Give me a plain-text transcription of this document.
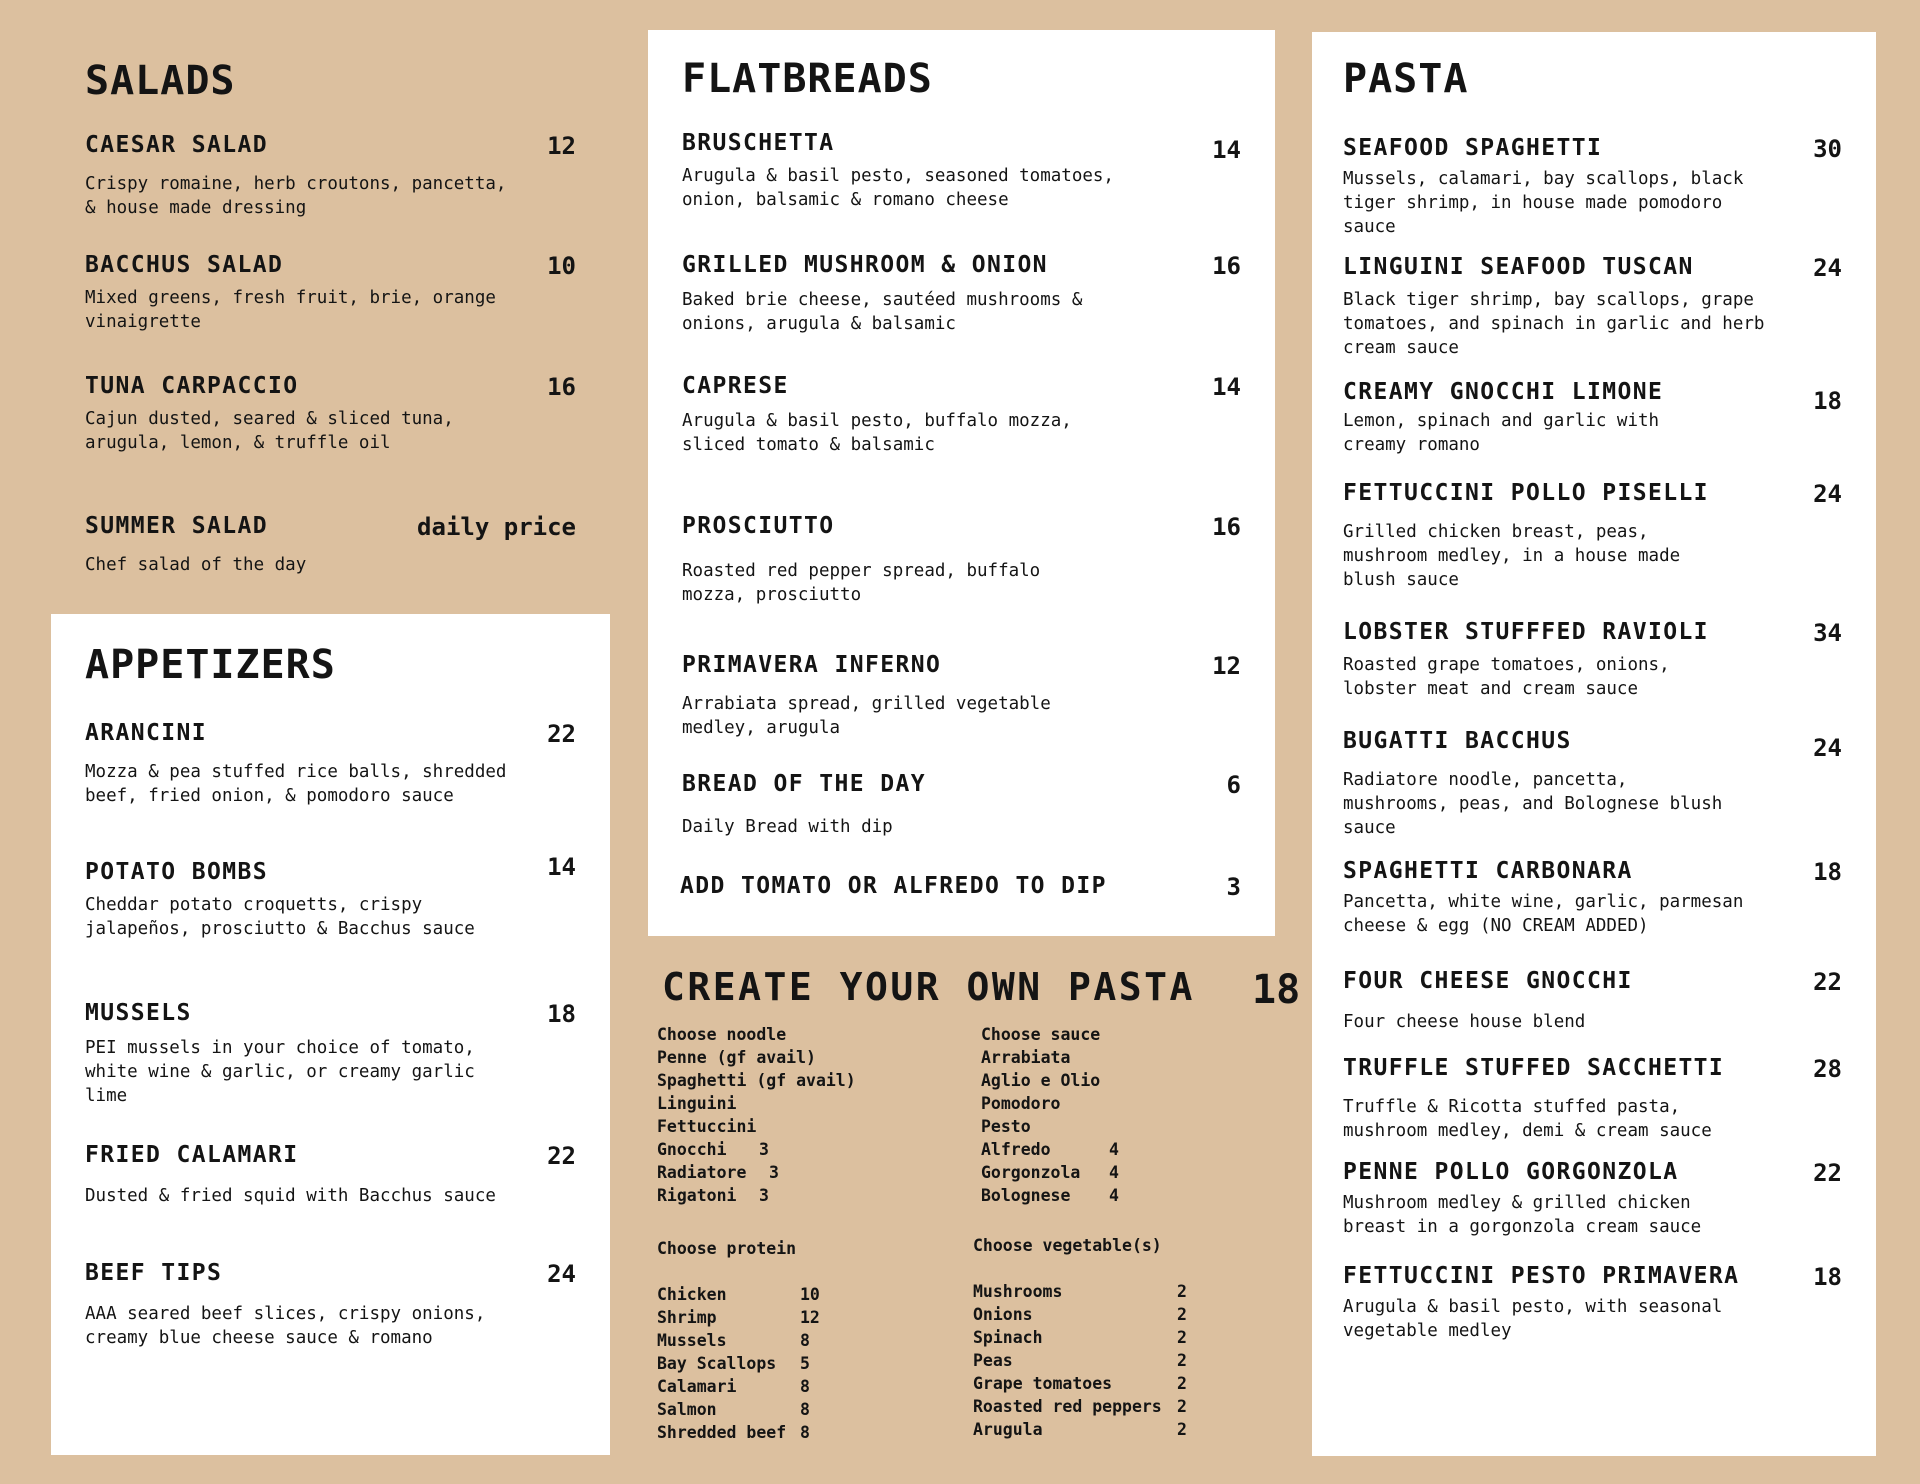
SALADS
CAESAR SALAD	12
Crispy romaine, herb croutons, pancetta, & house made dressing
BACCHUS SALAD	10
Mixed greens, fresh fruit, brie, orange vinaigrette
TUNA CARPACCIO	16
Cajun dusted, seared & sliced tuna, arugula, lemon, & truffle oil
SUMMER SALAD	daily price
Chef salad of the day
APPETIZERS
ARANCINI	22
Mozza & pea stuffed rice balls, shredded beef, fried onion, & pomodoro sauce
POTATO BOMBS	14
Cheddar potato croquetts, crispy jalapeños, prosciutto & Bacchus sauce
MUSSELS	18
PEI mussels in your choice of tomato, white wine & garlic, or creamy garlic lime
FRIED CALAMARI	22
Dusted & fried squid with Bacchus sauce
BEEF TIPS	24
AAA seared beef slices, crispy onions, creamy blue cheese sauce & romano
FLATBREADS
BRUSCHETTA	14
Arugula & basil pesto, seasoned tomatoes, onion, balsamic & romano cheese
GRILLED MUSHROOM & ONION	16
Baked brie cheese, sautéed mushrooms & onions, arugula & balsamic
CAPRESE	14
Arugula & basil pesto, buffalo mozza, sliced tomato & balsamic
PROSCIUTTO	16
Roasted red pepper spread, buffalo mozza, prosciutto
PRIMAVERA INFERNO	12
Arrabiata spread, grilled vegetable medley, arugula
BREAD OF THE DAY	6
Daily Bread with dip
ADD TOMATO OR ALFREDO TO DIP	3
CREATE YOUR OWN PASTA 18
Choose noodle
Penne (gf avail)
Spaghetti (gf avail)
Linguini
Fettuccini
Gnocchi 3
Radiatore 3
Rigatoni 3
Choose sauce
Arrabiata
Aglio e Olio
Pomodoro
Pesto
Alfredo	4
Gorgonzola 4
Bolognese 4
Choose protein
Chicken	10
Shrimp	12
Mussels	8
Bay Scallops 5
Calamari	8
Salmon	8
Shredded beef 8
Choose vegetable(s)
Mushrooms	2
Onions	2
Spinach	2
Peas	2
Grape tomatoes	2
Roasted red peppers 2
Arugula	2
PASTA
SEAFOOD SPAGHETTI	30
Mussels, calamari, bay scallops, black tiger shrimp, in house made pomodoro sauce
LINGUINI SEAFOOD TUSCAN	24
Black tiger shrimp, bay scallops, grape tomatoes, and spinach in garlic and herb cream sauce
CREAMY GNOCCHI LIMONE	18
Lemon, spinach and garlic with creamy romano
FETTUCCINI POLLO PISELLI	24
Grilled chicken breast, peas, mushroom medley, in a house made blush sauce
LOBSTER STUFFFED RAVIOLI	34
Roasted grape tomatoes, onions, lobster meat and cream sauce
BUGATTI BACCHUS	24
Radiatore noodle, pancetta, mushrooms, peas, and Bolognese blush sauce
SPAGHETTI CARBONARA	18
Pancetta, white wine, garlic, parmesan cheese & egg (NO CREAM ADDED)
FOUR CHEESE GNOCCHI	22
Four cheese house blend
TRUFFLE STUFFED SACCHETTI	28
Truffle & Ricotta stuffed pasta, mushroom medley, demi & cream sauce
PENNE POLLO GORGONZOLA	22
Mushroom medley & grilled chicken breast in a gorgonzola cream sauce
FETTUCCINI PESTO PRIMAVERA	18
Arugula & basil pesto, with seasonal vegetable medley
